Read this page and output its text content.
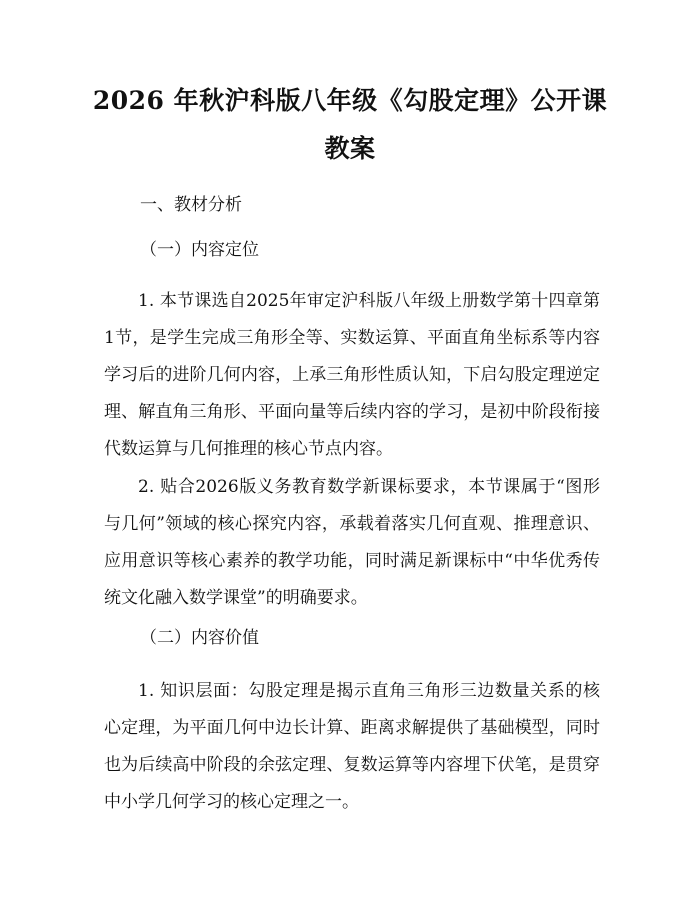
2026 年秋沪科版八年级《勾股定理》公开课
教案
一、教材分析
（一）内容定位

1. 本节课选自2025年审定沪科版八年级上册数学第十四章第1节，是学生完成三角形全等、实数运算、平面直角坐标系等内容学习后的进阶几何内容，上承三角形性质认知，下启勾股定理逆定理、解直角三角形、平面向量等后续内容的学习，是初中阶段衔接代数运算与几何推理的核心节点内容。

2. 贴合2026版义务教育数学新课标要求，本节课属于“图形与几何”领域的核心探究内容，承载着落实几何直观、推理意识、应用意识等核心素养的教学功能，同时满足新课标中“中华优秀传统文化融入数学课堂”的明确要求。

（二）内容价值

1. 知识层面：勾股定理是揭示直角三角形三边数量关系的核心定理，为平面几何中边长计算、距离求解提供了基础模型，同时也为后续高中阶段的余弦定理、复数运算等内容埋下伏笔，是贯穿中小学几何学习的核心定理之一。
